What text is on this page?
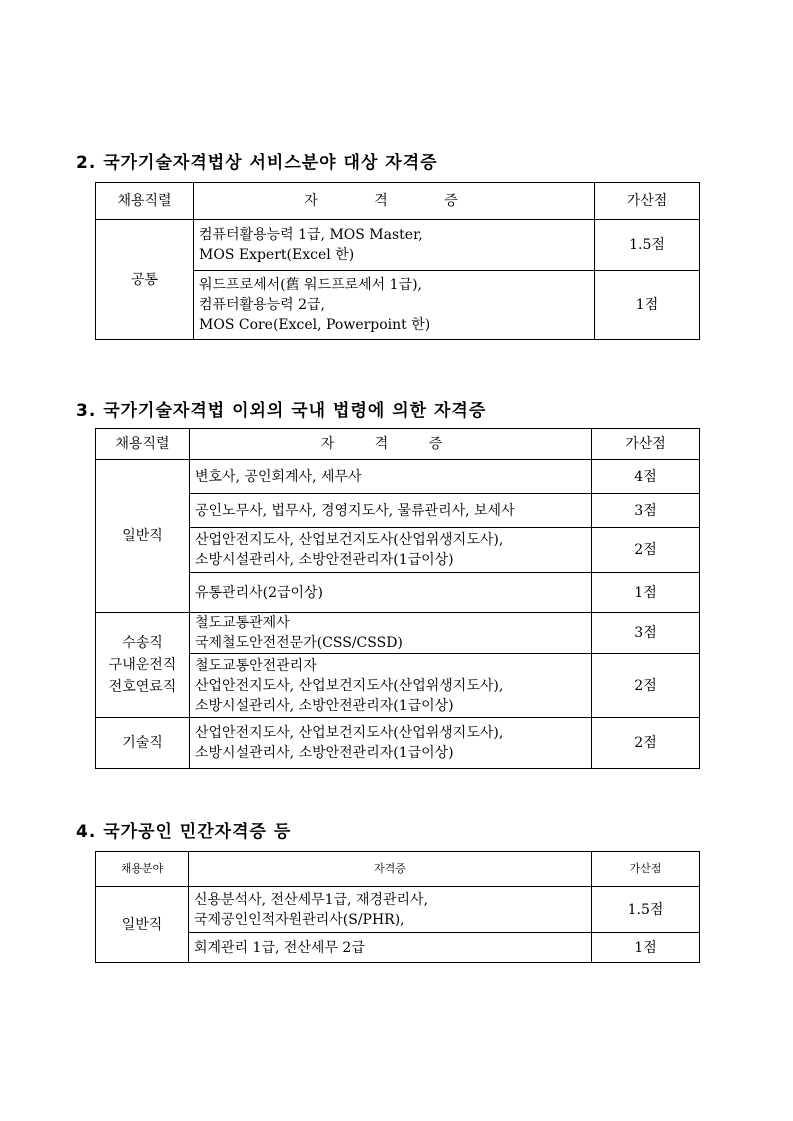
2. 국가기술자격법상 서비스분야 대상 자격증
채용직렬	자 격 증	가산점
공통	컴퓨터활용능력 1급, MOS Master,
MOS Expert(Excel 한)	1.5점

	워드프로세서(舊 워드프로세서 1급),
컴퓨터활용능력 2급,
MOS Core(Excel, Powerpoint 한)	1점
3. 국가기술자격법 이외의 국내 법령에 의한 자격증
채용직렬	자 격 증	가산점

일반직	변호사, 공인회계사, 세무사	4점

	공인노무사, 법무사, 경영지도사, 물류관리사, 보세사	3점

	산업안전지도사, 산업보건지도사(산업위생지도사),
소방시설관리사, 소방안전관리자(1급이상)	2점

	유통관리사(2급이상)	1점

수송직
구내운전직
전호연료직	철도교통관제사
국제철도안전전문가(CSS/CSSD)	3점

	철도교통안전관리자
산업안전지도사, 산업보건지도사(산업위생지도사),
소방시설관리사, 소방안전관리자(1급이상)	2점

기술직	산업안전지도사, 산업보건지도사(산업위생지도사),
소방시설관리사, 소방안전관리자(1급이상)	2점
4. 국가공인 민간자격증 등
채용분야	자격증	가산점
일반직	신용분석사, 전산세무1급, 재경관리사,
국제공인인적자원관리사(S/PHR),	1.5점

	회계관리 1급, 전산세무 2급	1점
